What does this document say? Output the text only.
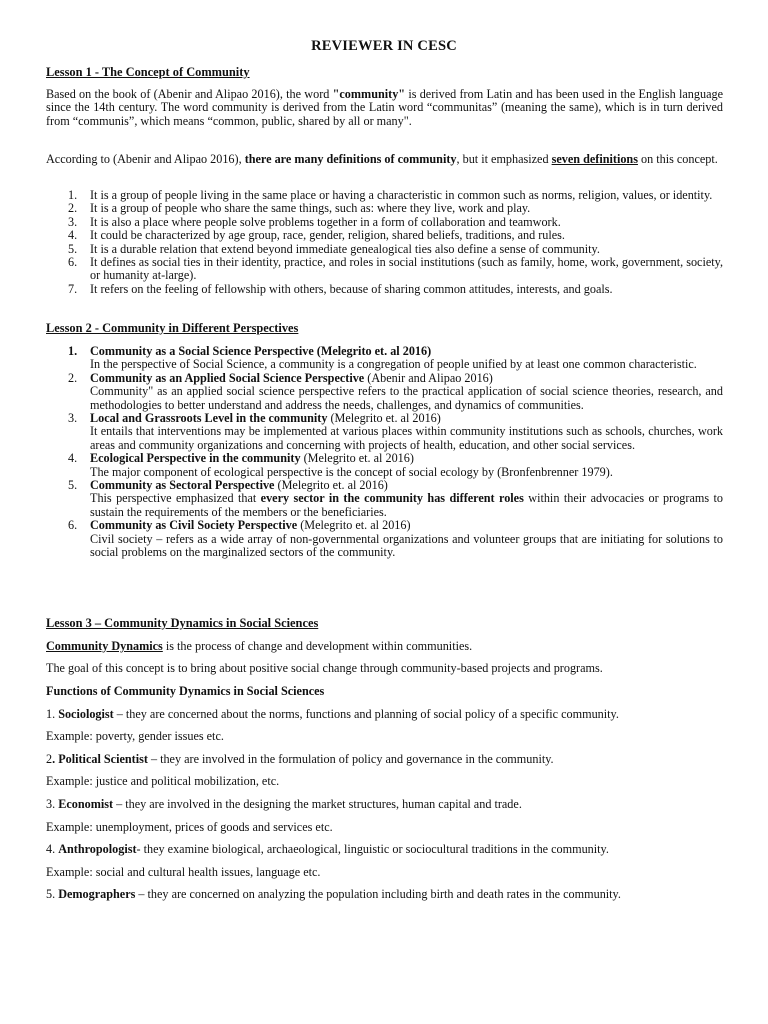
REVIEWER IN CESC
Lesson 1 - The Concept of Community
Based on the book of (Abenir and Alipao 2016), the word "community" is derived from Latin and has been used in the English language since the 14th century. The word community is derived from the Latin word “communitas” (meaning the same), which is in turn derived from “communis”, which means “common, public, shared by all or many".
According to (Abenir and Alipao 2016), there are many definitions of community, but it emphasized seven definitions on this concept.
1. It is a group of people living in the same place or having a characteristic in common such as norms, religion, values, or identity.
2. It is a group of people who share the same things, such as: where they live, work and play.
3. It is also a place where people solve problems together in a form of collaboration and teamwork.
4. It could be characterized by age group, race, gender, religion, shared beliefs, traditions, and rules.
5. It is a durable relation that extend beyond immediate genealogical ties also define a sense of community.
6. It defines as social ties in their identity, practice, and roles in social institutions (such as family, home, work, government, society, or humanity at-large).
7. It refers on the feeling of fellowship with others, because of sharing common attitudes, interests, and goals.
Lesson 2 - Community in Different Perspectives
1. Community as a Social Science Perspective (Melegrito et. al 2016)
In the perspective of Social Science, a community is a congregation of people unified by at least one common characteristic.
2. Community as an Applied Social Science Perspective (Abenir and Alipao 2016)
Community" as an applied social science perspective refers to the practical application of social science theories, research, and methodologies to better understand and address the needs, challenges, and dynamics of communities.
3. Local and Grassroots Level in the community (Melegrito et. al 2016)
It entails that interventions may be implemented at various places within community institutions such as schools, churches, work areas and community organizations and concerning with projects of health, education, and other social services.
4. Ecological Perspective in the community (Melegrito et. al 2016)
The major component of ecological perspective is the concept of social ecology by (Bronfenbrenner 1979).
5. Community as Sectoral Perspective (Melegrito et. al 2016)
This perspective emphasized that every sector in the community has different roles within their advocacies or programs to sustain the requirements of the members or the beneficiaries.
6. Community as Civil Society Perspective (Melegrito et. al 2016)
Civil society – refers as a wide array of non-governmental organizations and volunteer groups that are initiating for solutions to social problems on the marginalized sectors of the community.
Lesson 3 – Community Dynamics in Social Sciences
Community Dynamics is the process of change and development within communities.
The goal of this concept is to bring about positive social change through community-based projects and programs.
Functions of Community Dynamics in Social Sciences
1. Sociologist – they are concerned about the norms, functions and planning of social policy of a specific community.
Example: poverty, gender issues etc.
2. Political Scientist – they are involved in the formulation of policy and governance in the community.
Example: justice and political mobilization, etc.
3. Economist – they are involved in the designing the market structures, human capital and trade.
Example: unemployment, prices of goods and services etc.
4. Anthropologist- they examine biological, archaeological, linguistic or sociocultural traditions in the community.
Example: social and cultural health issues, language etc.
5. Demographers – they are concerned on analyzing the population including birth and death rates in the community.
